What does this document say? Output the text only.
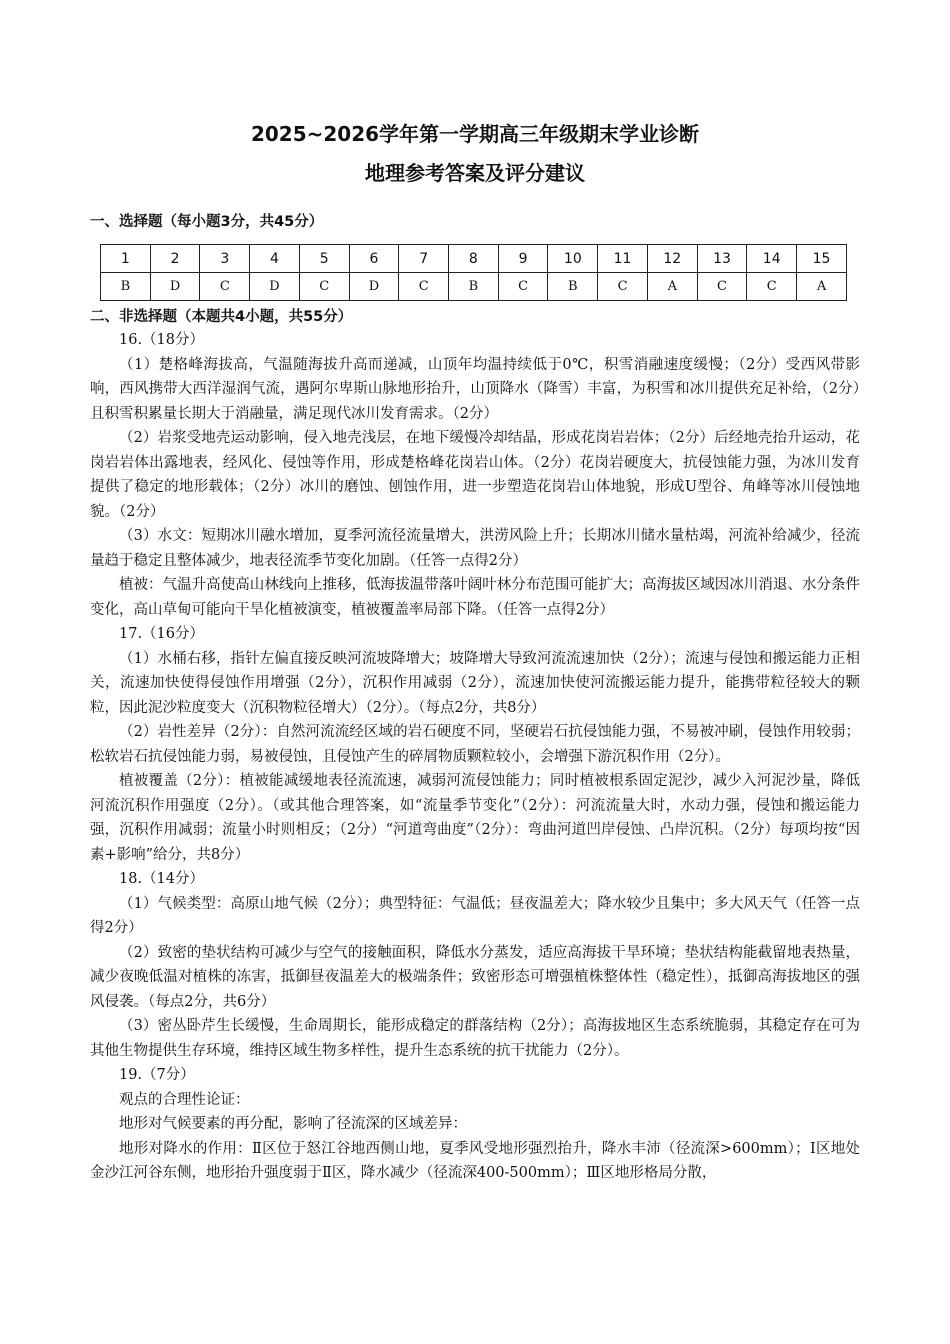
2025~2026学年第一学期高三年级期末学业诊断
地理参考答案及评分建议
一、选择题（每小题3分，共45分）
1	2	3	4	5	6	7	8	9	10	11	12	13	14	15
B	D	C	D	C	D	C	B	C	B	C	A	C	C	A
二、非选择题（本题共4小题，共55分）

16.（18分）

（1）楚格峰海拔高，气温随海拔升高而递减，山顶年均温持续低于0℃，积雪消融速度缓慢；（2分）受西风带影响，西风携带大西洋湿润气流，遇阿尔卑斯山脉地形抬升，山顶降水（降雪）丰富，为积雪和冰川提供充足补给，（2分）且积雪积累量长期大于消融量，满足现代冰川发育需求。（2分）

（2）岩浆受地壳运动影响，侵入地壳浅层，在地下缓慢冷却结晶，形成花岗岩岩体；（2分）后经地壳抬升运动，花岗岩岩体出露地表，经风化、侵蚀等作用，形成楚格峰花岗岩山体。（2分）花岗岩硬度大，抗侵蚀能力强，为冰川发育提供了稳定的地形载体；（2分）冰川的磨蚀、刨蚀作用，进一步塑造花岗岩山体地貌，形成U型谷、角峰等冰川侵蚀地貌。（2分）

（3）水文：短期冰川融水增加，夏季河流径流量增大，洪涝风险上升；长期冰川储水量枯竭，河流补给减少，径流量趋于稳定且整体减少，地表径流季节变化加剧。（任答一点得2分）

植被：气温升高使高山林线向上推移，低海拔温带落叶阔叶林分布范围可能扩大；高海拔区域因冰川消退、水分条件变化，高山草甸可能向干旱化植被演变，植被覆盖率局部下降。（任答一点得2分）

17.（16分）

（1）水桶右移，指针左偏直接反映河流坡降增大；坡降增大导致河流流速加快（2分）；流速与侵蚀和搬运能力正相关，流速加快使得侵蚀作用增强（2分），沉积作用减弱（2分），流速加快使河流搬运能力提升，能携带粒径较大的颗粒，因此泥沙粒度变大（沉积物粒径增大）（2分）。（每点2分，共8分）

（2）岩性差异（2分）：自然河流流经区域的岩石硬度不同，坚硬岩石抗侵蚀能力强，不易被冲刷，侵蚀作用较弱；松软岩石抗侵蚀能力弱，易被侵蚀，且侵蚀产生的碎屑物质颗粒较小，会增强下游沉积作用（2分）。

植被覆盖（2分）：植被能减缓地表径流流速，减弱河流侵蚀能力；同时植被根系固定泥沙，减少入河泥沙量，降低河流沉积作用强度（2分）。（或其他合理答案，如“流量季节变化”（2分）：河流流量大时，水动力强，侵蚀和搬运能力强，沉积作用减弱；流量小时则相反；（2分）“河道弯曲度”（2分）：弯曲河道凹岸侵蚀、凸岸沉积。（2分）每项均按“因素+影响”给分，共8分）

18.（14分）

（1）气候类型：高原山地气候（2分）；典型特征：气温低；昼夜温差大；降水较少且集中；多大风天气（任答一点得2分）

（2）致密的垫状结构可减少与空气的接触面积，降低水分蒸发，适应高海拔干旱环境；垫状结构能截留地表热量，减少夜晚低温对植株的冻害，抵御昼夜温差大的极端条件；致密形态可增强植株整体性（稳定性），抵御高海拔地区的强风侵袭。（每点2分，共6分）

（3）密丛卧芹生长缓慢，生命周期长，能形成稳定的群落结构（2分）；高海拔地区生态系统脆弱，其稳定存在可为其他生物提供生存环境，维持区域生物多样性，提升生态系统的抗干扰能力（2分）。

19.（7分）

观点的合理性论证：

地形对气候要素的再分配，影响了径流深的区域差异：

地形对降水的作用：Ⅱ区位于怒江谷地西侧山地，夏季风受地形强烈抬升，降水丰沛（径流深>600mm）；Ⅰ区地处金沙江河谷东侧，地形抬升强度弱于Ⅱ区，降水减少（径流深400-500mm）；Ⅲ区地形格局分散，
